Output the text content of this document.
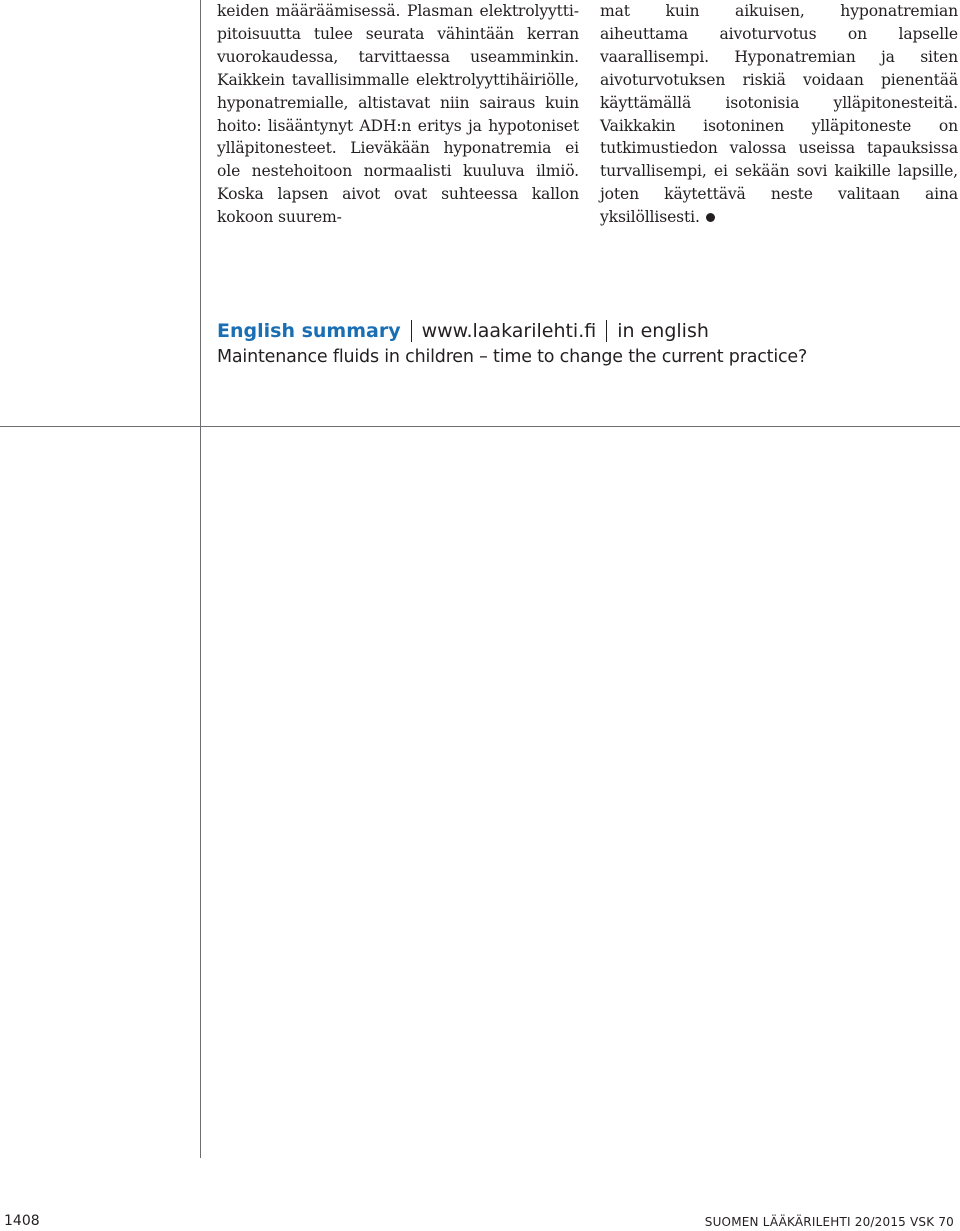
keiden määräämisessä. Plasman elektrolyyttipitoisuutta tulee seurata vähintään kerran vuorokaudessa, tarvittaessa useamminkin. Kaikkein tavallisimmalle elektrolyyttihäiriölle, hyponatremialle, altistavat niin sairaus kuin hoito: lisääntynyt ADH:n eritys ja hypotoniset ylläpitonesteet. Lieväkään hyponatremia ei ole nestehoitoon normaalisti kuuluva ilmiö. Koska lapsen aivot ovat suhteessa kallon kokoon suurem-

mat kuin aikuisen, hyponatremian aiheuttama aivoturvotus on lapselle vaarallisempi. Hyponatremian ja siten aivoturvotuksen riskiä voidaan pienentää käyttämällä isotonisia ylläpitonesteitä. Vaikkakin isotoninen ylläpitoneste on tutkimustiedon valossa useissa tapauksissa turvallisempi, ei sekään sovi kaikille lapsille, joten käytettävä neste valitaan aina yksilöllisesti.

English summary www.laakarilehti.fi in english
Maintenance fluids in children – time to change the current practice?
1408	SUOMEN LÄÄKÄRILEHTI 20/2015 VSK 70
